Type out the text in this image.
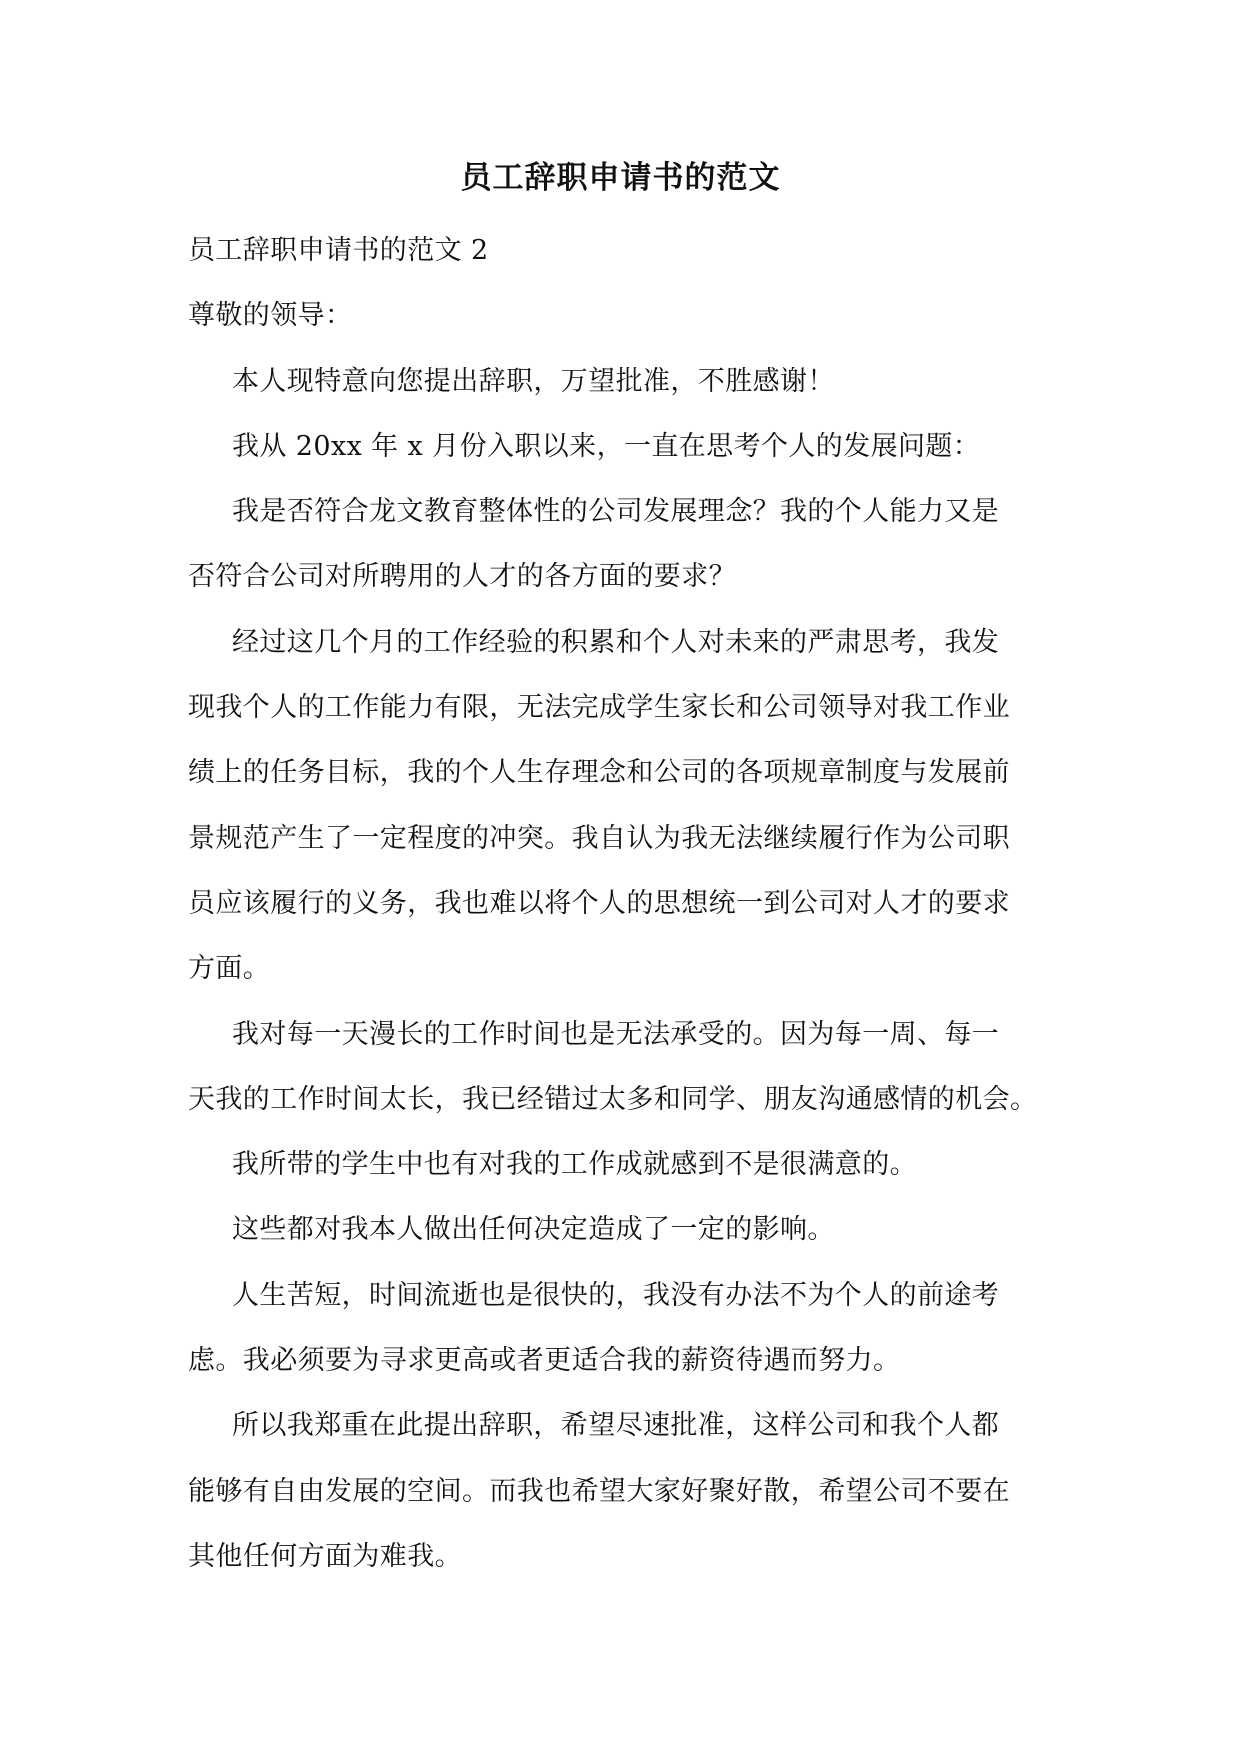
员工辞职申请书的范文
员工辞职申请书的范文 2
尊敬的领导：
本人现特意向您提出辞职，万望批准，不胜感谢！
我从 20xx 年 x 月份入职以来，一直在思考个人的发展问题：
我是否符合龙文教育整体性的公司发展理念？我的个人能力又是
否符合公司对所聘用的人才的各方面的要求？
经过这几个月的工作经验的积累和个人对未来的严肃思考，我发
现我个人的工作能力有限，无法完成学生家长和公司领导对我工作业
绩上的任务目标，我的个人生存理念和公司的各项规章制度与发展前
景规范产生了一定程度的冲突。我自认为我无法继续履行作为公司职
员应该履行的义务，我也难以将个人的思想统一到公司对人才的要求
方面。
我对每一天漫长的工作时间也是无法承受的。因为每一周、每一
天我的工作时间太长，我已经错过太多和同学、朋友沟通感情的机会。
我所带的学生中也有对我的工作成就感到不是很满意的。
这些都对我本人做出任何决定造成了一定的影响。
人生苦短，时间流逝也是很快的，我没有办法不为个人的前途考
虑。我必须要为寻求更高或者更适合我的薪资待遇而努力。
所以我郑重在此提出辞职，希望尽速批准，这样公司和我个人都
能够有自由发展的空间。而我也希望大家好聚好散，希望公司不要在
其他任何方面为难我。
